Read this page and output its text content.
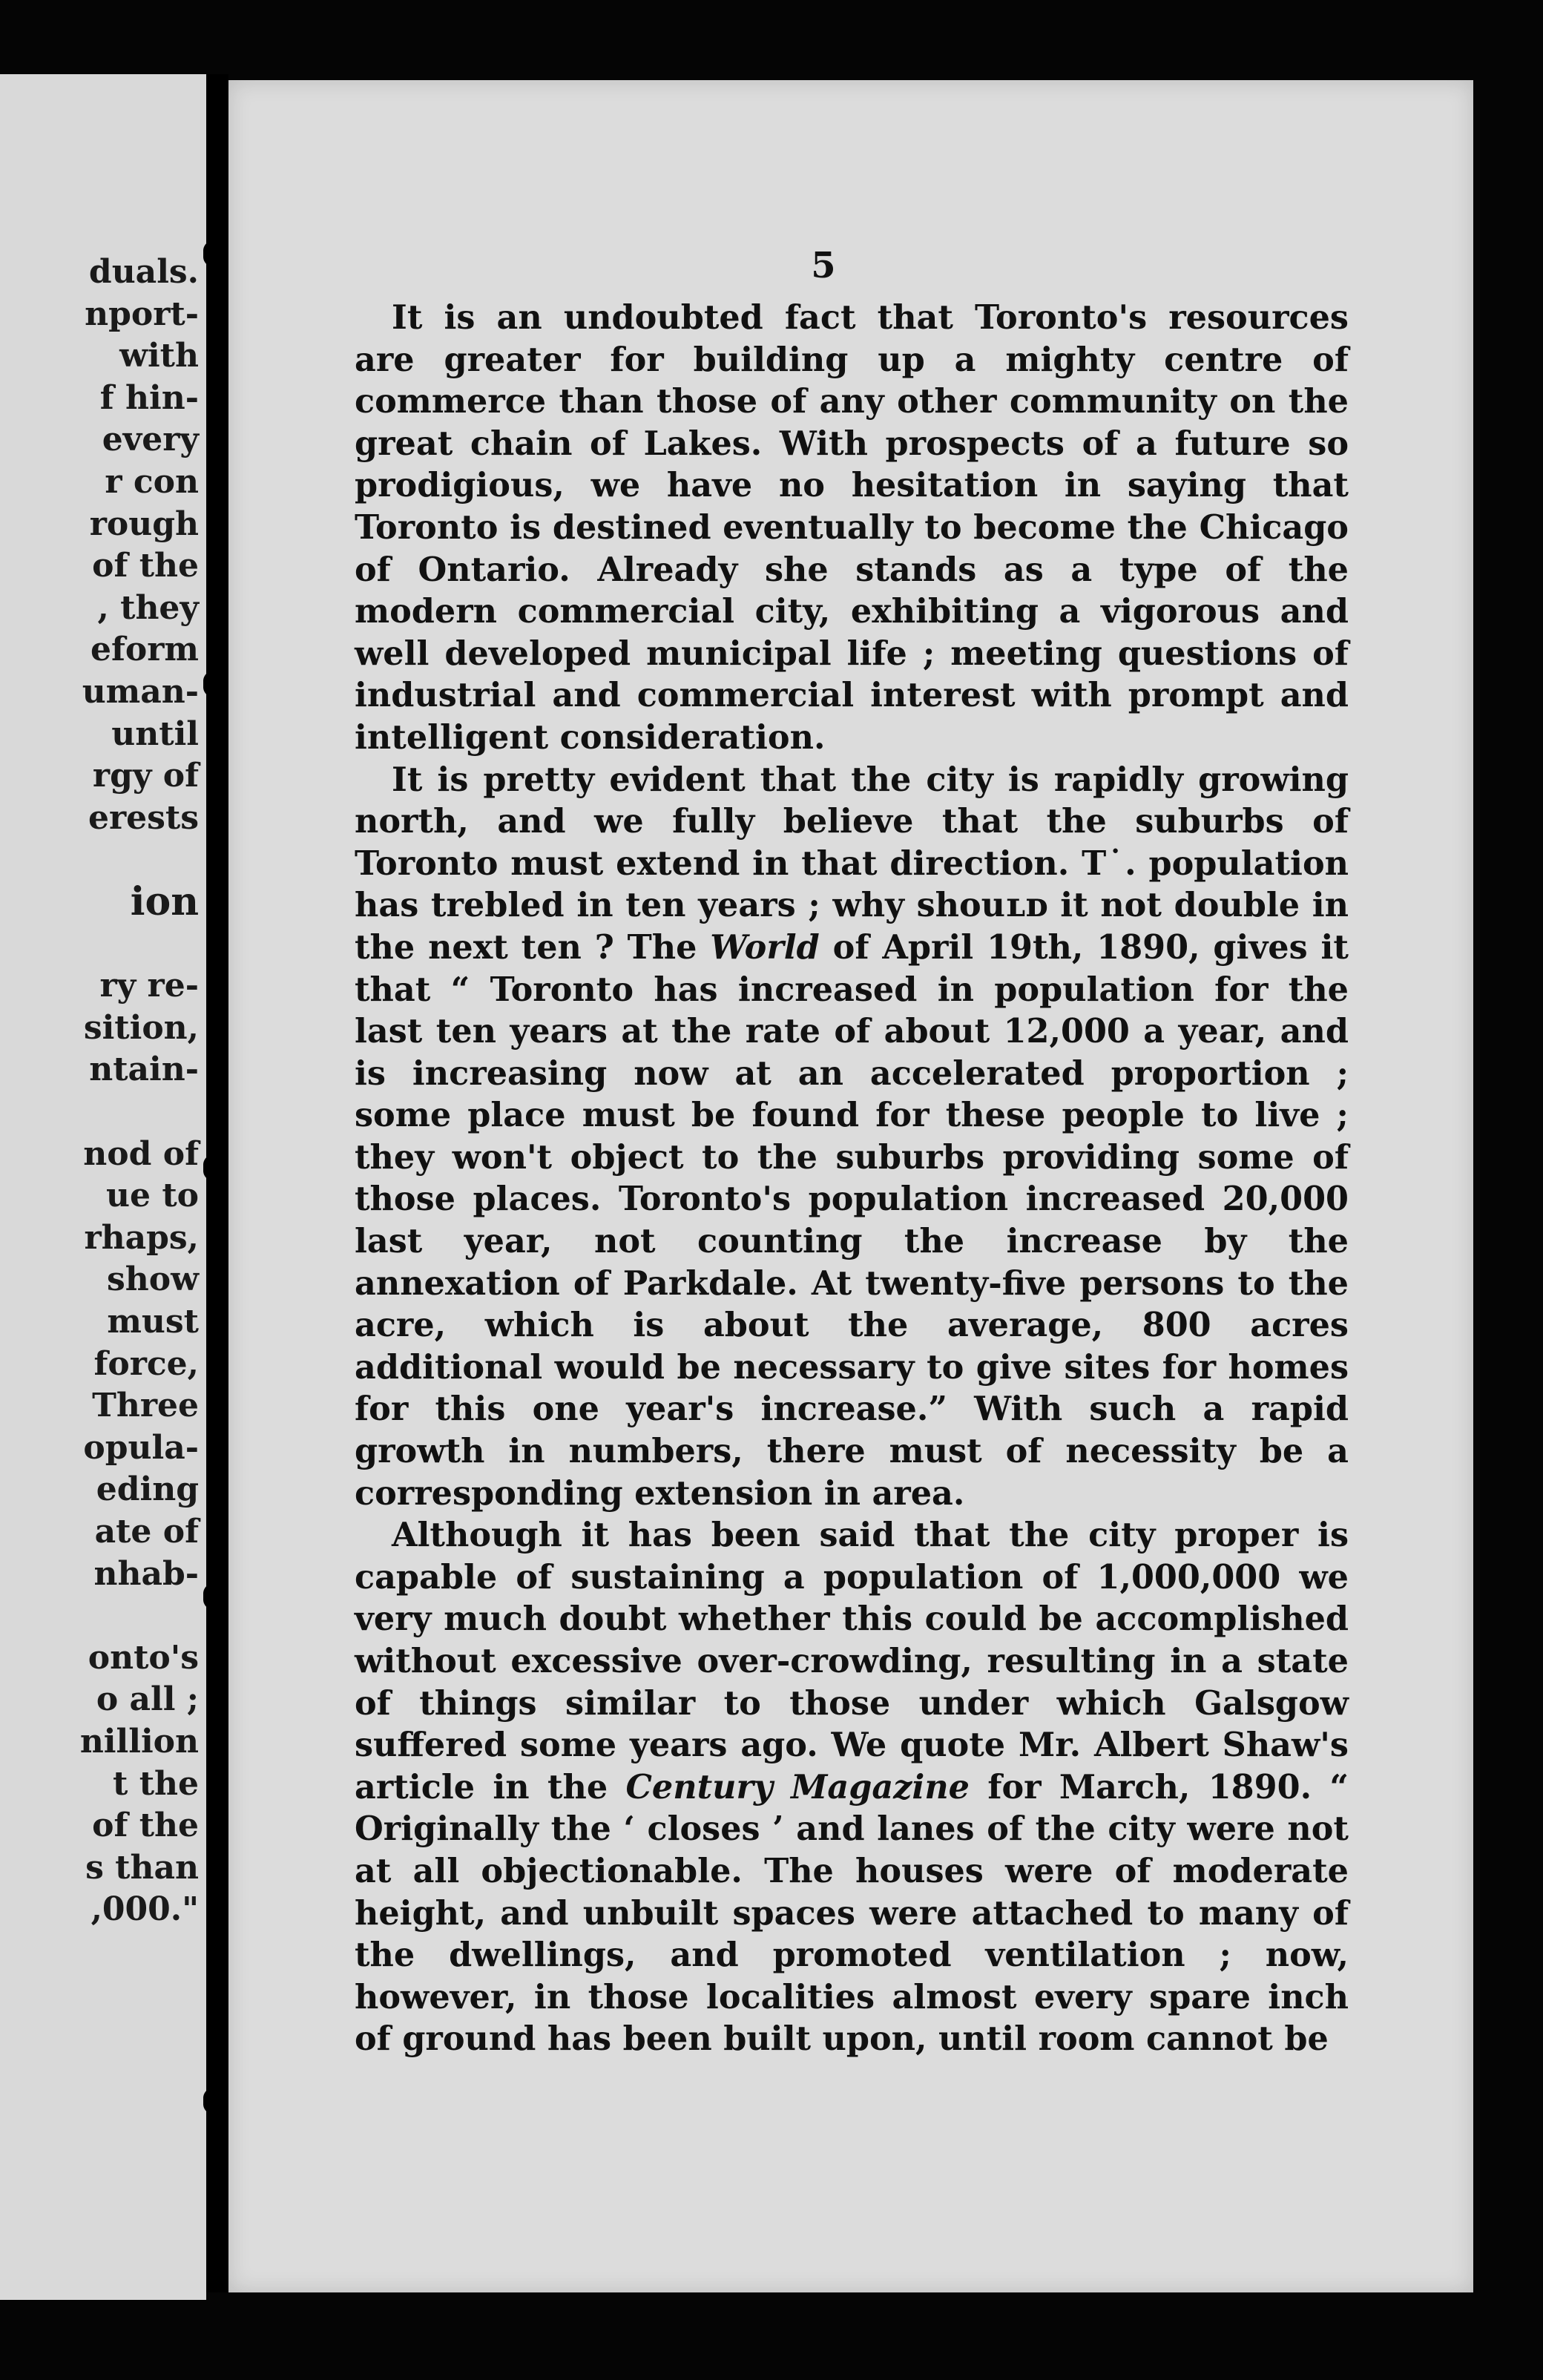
duals.
nport-
with
f hin-
every
r con
rough
of the
, they
eform
uman-
until
rgy of
erests
ion
ry re-
sition,
ntain-
nod of
ue to
rhaps,
show
must
force,
Three
opula-
eding
ate of
nhab-
onto's
o all ;
nillion
t the
of the
s than
,000."
5

It is an undoubted fact that Toronto's resources are greater for building up a mighty centre of commerce than those of any other community on the great chain of Lakes. With prospects of a future so prodigious, we have no hesitation in saying that Toronto is destined eventually to become the Chicago of Ontario. Already she stands as a type of the modern commercial city, exhibiting a vigorous and well developed municipal life ; meeting questions of industrial and commercial interest with prompt and intelligent consideration.

It is pretty evident that the city is rapidly growing north, and we fully believe that the suburbs of Toronto must extend in that direction. T˙. population has trebled in ten years ; why shouʟᴅ it not double in the next ten ? The World of April 19th, 1890, gives it that “ Toronto has increased in population for the last ten years at the rate of about 12,000 a year, and is increasing now at an accelerated proportion ; some place must be found for these people to live ; they won't object to the suburbs providing some of those places. Toronto's population increased 20,000 last year, not counting the increase by the annexation of Parkdale. At twenty-five persons to the acre, which is about the average, 800 acres additional would be necessary to give sites for homes for this one year's increase.” With such a rapid growth in numbers, there must of necessity be a corresponding extension in area.

Although it has been said that the city proper is capable of sustaining a population of 1,000,000 we very much doubt whether this could be accomplished without excessive over-crowding, resulting in a state of things similar to those under which Galsgow suffered some years ago. We quote Mr. Albert Shaw's article in the Century Magazine for March, 1890. “ Originally the ‘ closes ’ and lanes of the city were not at all objectionable. The houses were of moderate height, and unbuilt spaces were attached to many of the dwellings, and promoted ventilation ; now, however, in those localities almost every spare inch of ground has been built upon, until room cannot be
